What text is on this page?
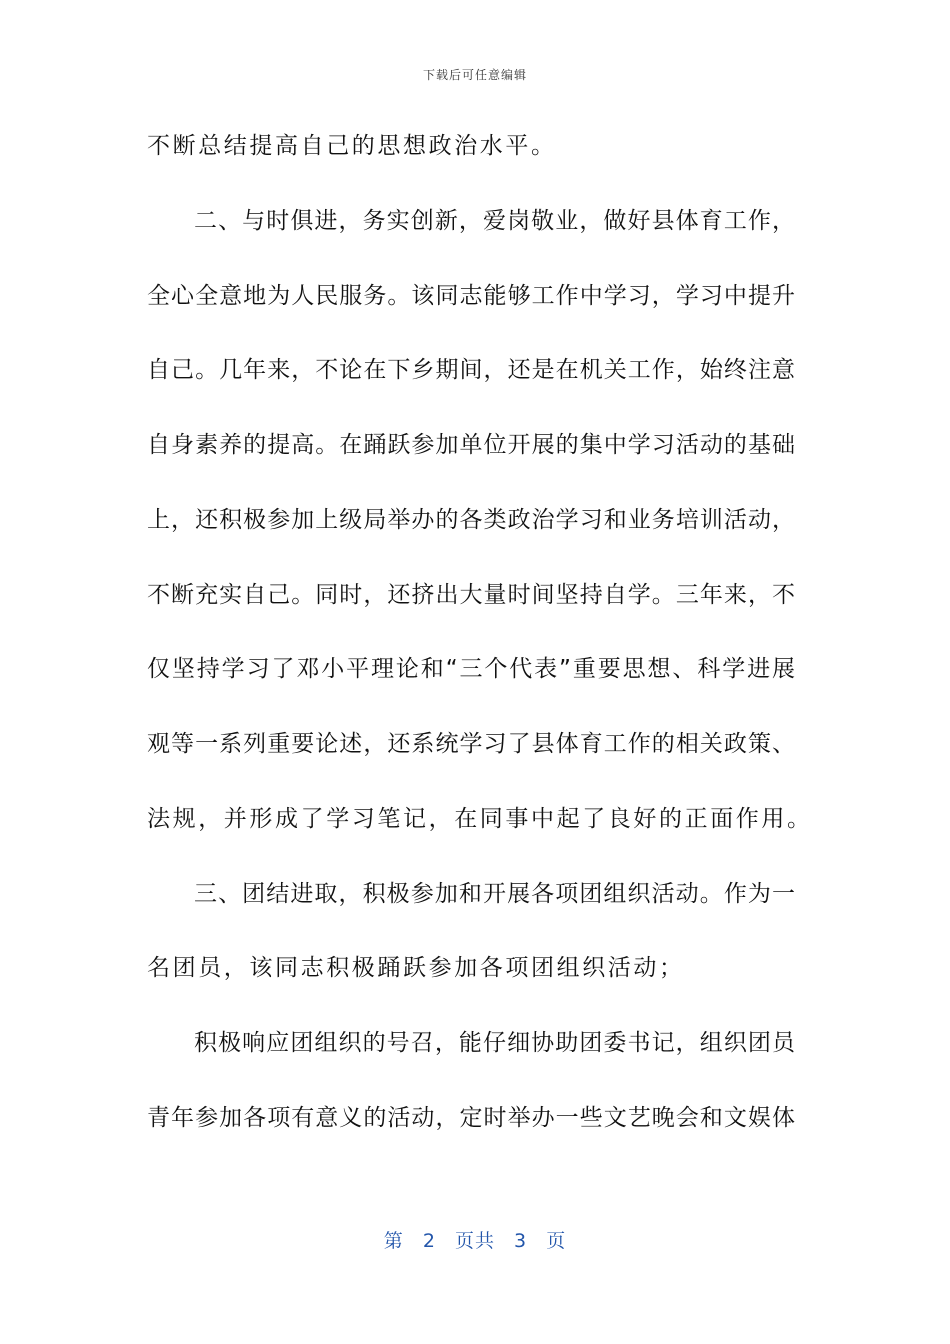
下载后可任意编辑
不断总结提高自己的思想政治水平。
二、与时俱进，务实创新，爱岗敬业，做好县体育工作，
全心全意地为人民服务。该同志能够工作中学习，学习中提升
自己。几年来，不论在下乡期间，还是在机关工作，始终注意
自身素养的提高。在踊跃参加单位开展的集中学习活动的基础
上，还积极参加上级局举办的各类政治学习和业务培训活动，
不断充实自己。同时，还挤出大量时间坚持自学。三年来，不
仅坚持学习了邓小平理论和“三个代表”重要思想、科学进展
观等一系列重要论述，还系统学习了县体育工作的相关政策、
法规，并形成了学习笔记，在同事中起了良好的正面作用。
三、团结进取，积极参加和开展各项团组织活动。作为一
名团员，该同志积极踊跃参加各项团组织活动；
积极响应团组织的号召，能仔细协助团委书记，组织团员
青年参加各项有意义的活动，定时举办一些文艺晚会和文娱体
第 2 页共 3 页
